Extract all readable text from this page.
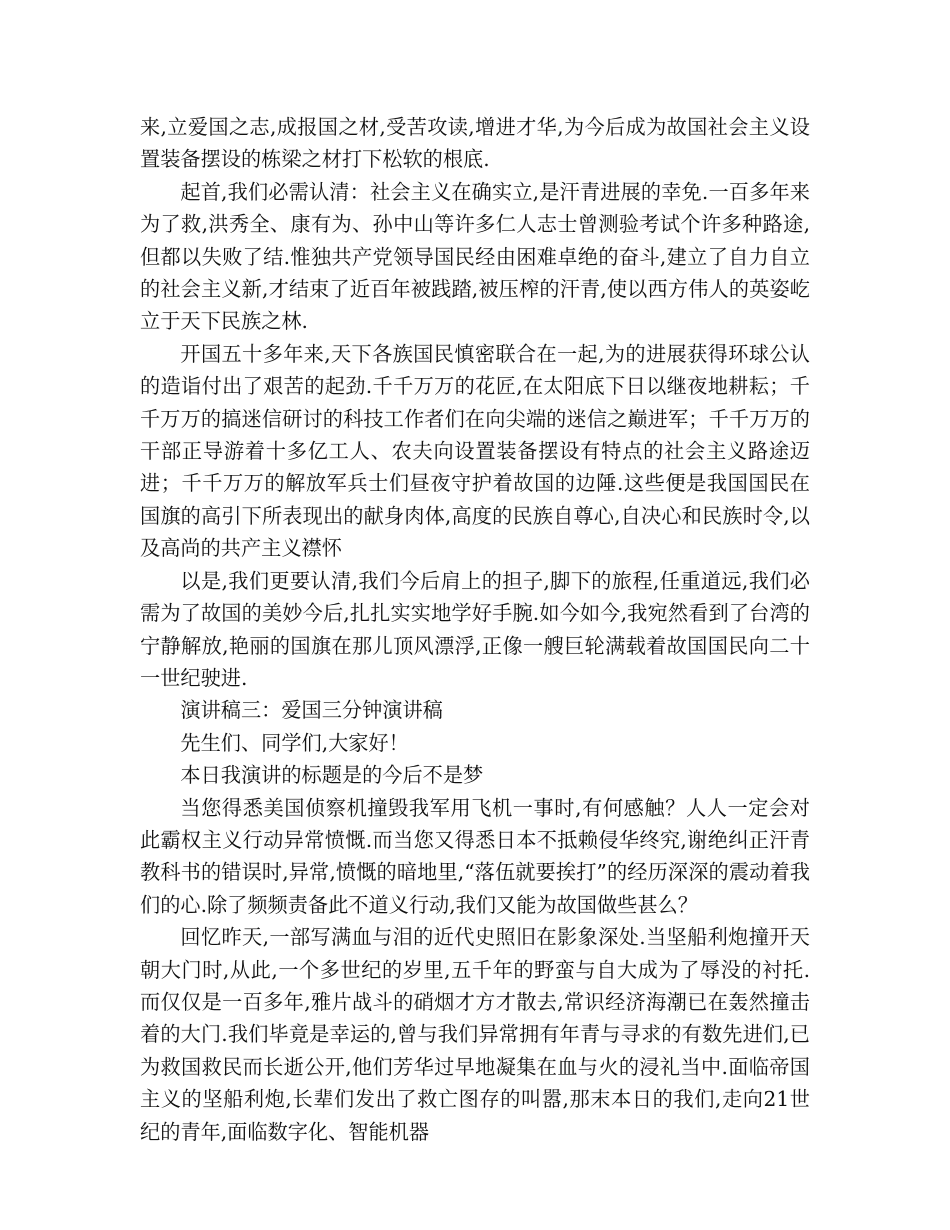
来,立爱国之志,成报国之材,受苦攻读,增进才华,为今后成为故国社会主义设置装备摆设的栋梁之材打下松软的根底.

起首,我们必需认清：社会主义在确实立,是汗青进展的幸免.一百多年来为了救,洪秀全、康有为、孙中山等许多仁人志士曾测验考试个许多种路途,但都以失败了结.惟独共产党领导国民经由困难卓绝的奋斗,建立了自力自立的社会主义新,才结束了近百年被践踏,被压榨的汗青,使以西方伟人的英姿屹立于天下民族之林.

开国五十多年来,天下各族国民慎密联合在一起,为的进展获得环球公认的造诣付出了艰苦的起劲.千千万万的花匠,在太阳底下日以继夜地耕耘；千千万万的搞迷信研讨的科技工作者们在向尖端的迷信之巅进军；千千万万的干部正导游着十多亿工人、农夫向设置装备摆设有特点的社会主义路途迈进；千千万万的解放军兵士们昼夜守护着故国的边陲.这些便是我国国民在国旗的高引下所表现出的献身肉体,高度的民族自尊心,自决心和民族时令,以及高尚的共产主义襟怀

以是,我们更要认清,我们今后肩上的担子,脚下的旅程,任重道远,我们必需为了故国的美妙今后,扎扎实实地学好手腕.如今如今,我宛然看到了台湾的宁静解放,艳丽的国旗在那儿顶风漂浮,正像一艘巨轮满载着故国国民向二十一世纪驶进.

演讲稿三：爱国三分钟演讲稿

先生们、同学们,大家好！

本日我演讲的标题是的今后不是梦

当您得悉美国侦察机撞毁我军用飞机一事时,有何感触？人人一定会对此霸权主义行动异常愤慨.而当您又得悉日本不抵赖侵华终究,谢绝纠正汗青教科书的错误时,异常,愤慨的暗地里,“落伍就要挨打”的经历深深的震动着我们的心.除了频频责备此不道义行动,我们又能为故国做些甚么？

回忆昨天,一部写满血与泪的近代史照旧在影象深处.当坚船利炮撞开天朝大门时,从此,一个多世纪的岁里,五千年的野蛮与自大成为了辱没的衬托.而仅仅是一百多年,雅片战斗的硝烟才方才散去,常识经济海潮已在轰然撞击着的大门.我们毕竟是幸运的,曾与我们异常拥有年青与寻求的有数先进们,已为救国救民而长逝公开,他们芳华过早地凝集在血与火的浸礼当中.面临帝国主义的坚船利炮,长辈们发出了救亡图存的叫嚣,那末本日的我们,走向21世纪的青年,面临数字化、智能机器
